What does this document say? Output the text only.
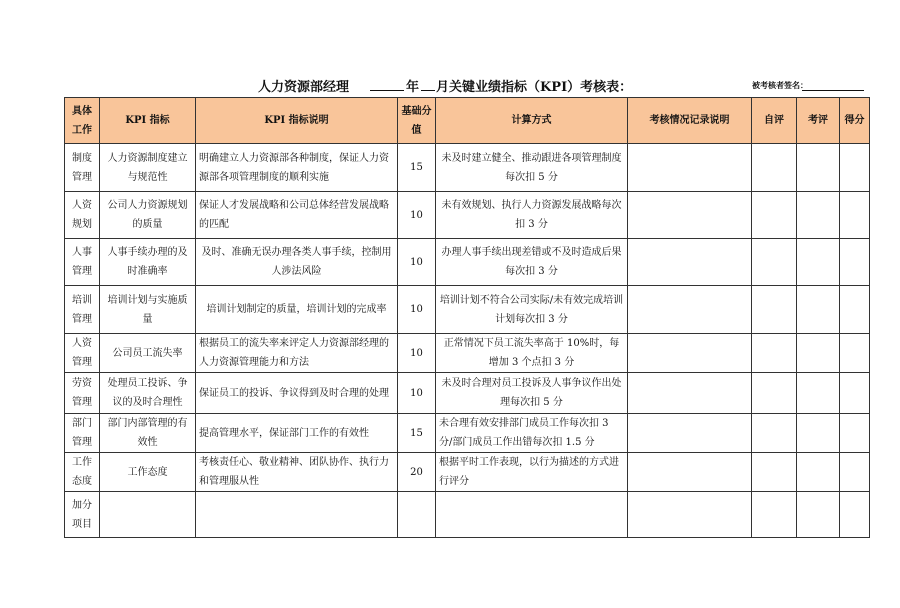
人力资源部经理	年 月关键业绩指标（KPI）考核表：	被考核者签名：
具体工作	KPI 指标	KPI 指标说明	基础分值	计算方式	考核情况记录说明	自评	考评	得分
制度管理	人力资源制度建立与规范性	明确建立人力资源部各种制度，保证人力资源部各项管理制度的顺利实施	15	未及时建立健全、推动跟进各项管理制度每次扣 5 分				
人资规划	公司人力资源规划的质量	保证人才发展战略和公司总体经营发展战略的匹配	10	未有效规划、执行人力资源发展战略每次扣 3 分				
人事管理	人事手续办理的及时准确率	及时、准确无误办理各类人事手续，控制用人涉法风险	10	办理人事手续出现差错或不及时造成后果每次扣 3 分				
培训管理	培训计划与实施质量	培训计划制定的质量，培训计划的完成率	10	培训计划不符合公司实际/未有效完成培训计划每次扣 3 分				
人资管理	公司员工流失率	根据员工的流失率来评定人力资源部经理的人力资源管理能力和方法	10	正常情况下员工流失率高于 10%时，每增加 3 个点扣 3 分				
劳资管理	处理员工投诉、争议的及时合理性	保证员工的投诉、争议得到及时合理的处理	10	未及时合理对员工投诉及人事争议作出处理每次扣 5 分				
部门管理	部门内部管理的有效性	提高管理水平，保证部门工作的有效性	15	未合理有效安排部门成员工作每次扣 3 分/部门成员工作出错每次扣 1.5 分				
工作态度	工作态度	考核责任心、敬业精神、团队协作、执行力和管理服从性	20	根据平时工作表现，以行为描述的方式进行评分				
加分项目								
